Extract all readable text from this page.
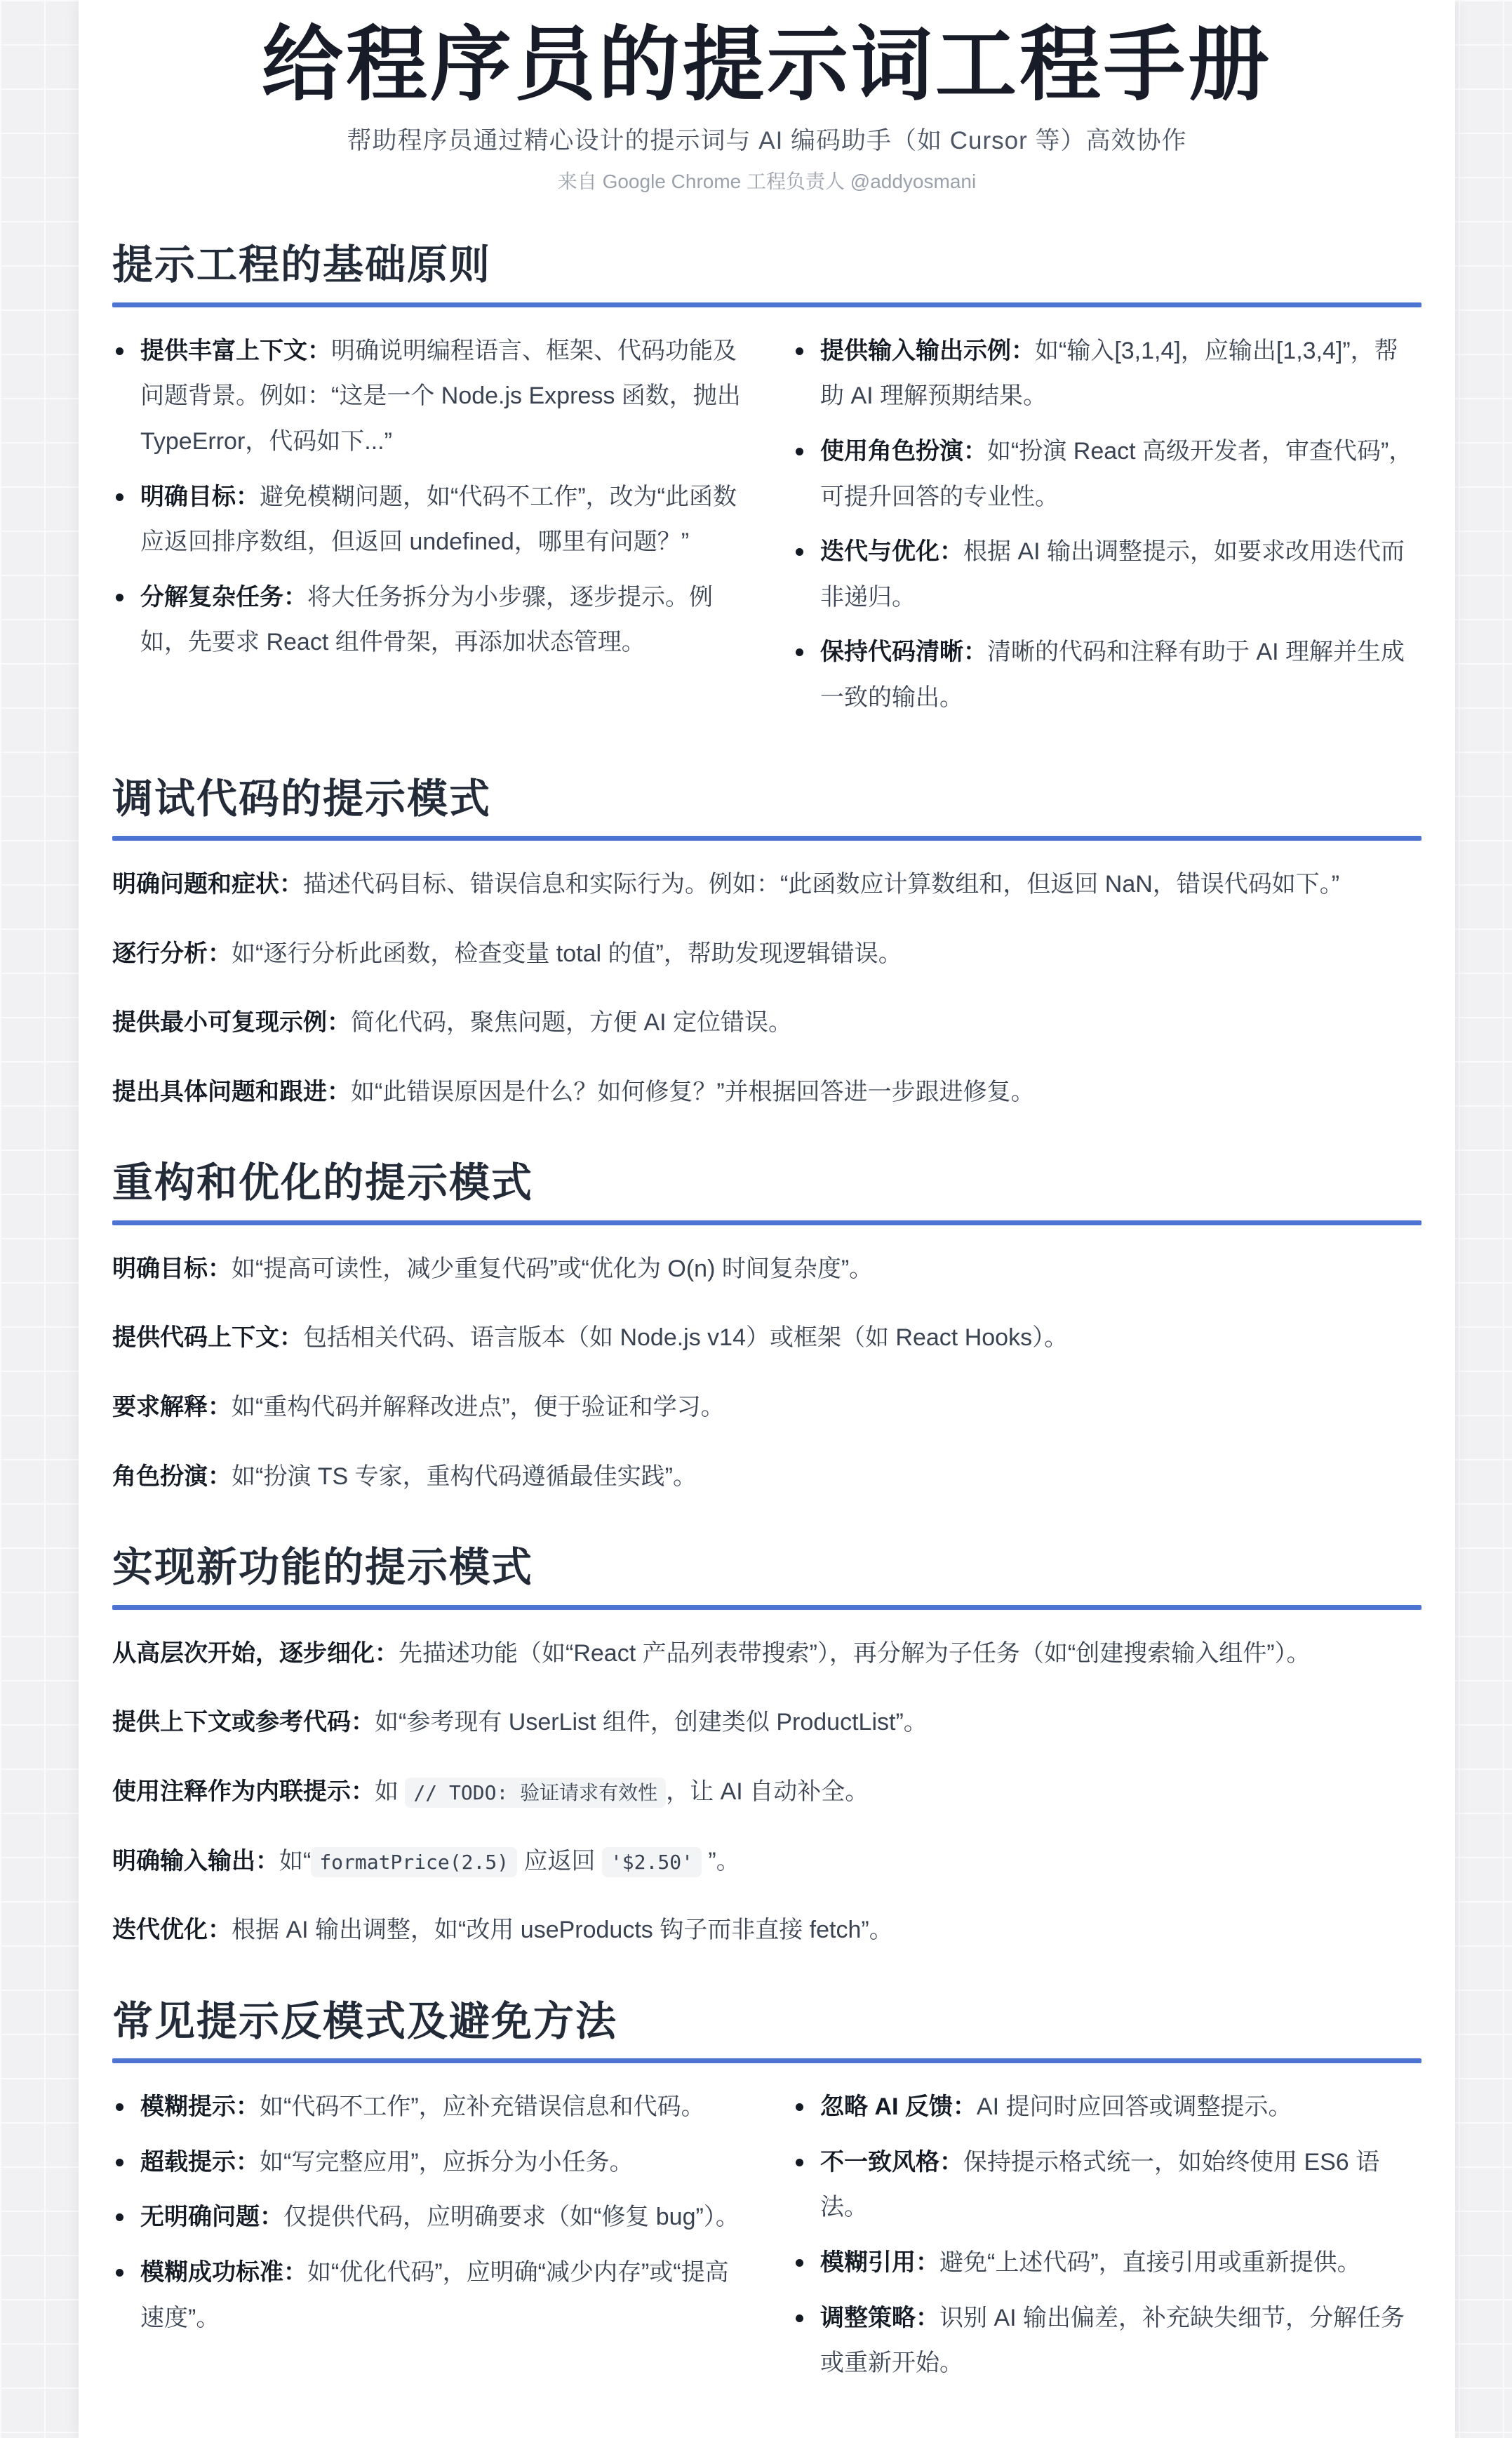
给程序员的提示词工程手册

帮助程序员通过精心设计的提示词与 AI 编码助手（如 Cursor 等）高效协作

来自 Google Chrome 工程负责人 @addyosmani

提示工程的基础原则
提供丰富上下文：明确说明编程语言、框架、代码功能及问题背景。例如：“这是一个 Node.js Express 函数，抛出 TypeError，代码如下...”
明确目标：避免模糊问题，如“代码不工作”，改为“此函数应返回排序数组，但返回 undefined，哪里有问题？”
分解复杂任务：将大任务拆分为小步骤，逐步提示。例如，先要求 React 组件骨架，再添加状态管理。
提供输入输出示例：如“输入[3,1,4]，应输出[1,3,4]”，帮助 AI 理解预期结果。
使用角色扮演：如“扮演 React 高级开发者，审查代码”，可提升回答的专业性。
迭代与优化：根据 AI 输出调整提示，如要求改用迭代而非递归。
保持代码清晰：清晰的代码和注释有助于 AI 理解并生成一致的输出。
调试代码的提示模式

明确问题和症状：描述代码目标、错误信息和实际行为。例如：“此函数应计算数组和，但返回 NaN，错误代码如下。”

逐行分析：如“逐行分析此函数，检查变量 total 的值”，帮助发现逻辑错误。

提供最小可复现示例：简化代码，聚焦问题，方便 AI 定位错误。

提出具体问题和跟进：如“此错误原因是什么？如何修复？”并根据回答进一步跟进修复。

重构和优化的提示模式

明确目标：如“提高可读性，减少重复代码”或“优化为 O(n) 时间复杂度”。

提供代码上下文：包括相关代码、语言版本（如 Node.js v14）或框架（如 React Hooks）。

要求解释：如“重构代码并解释改进点”，便于验证和学习。

角色扮演：如“扮演 TS 专家，重构代码遵循最佳实践”。

实现新功能的提示模式

从高层次开始，逐步细化：先描述功能（如“React 产品列表带搜索”），再分解为子任务（如“创建搜索输入组件”）。

提供上下文或参考代码：如“参考现有 UserList 组件，创建类似 ProductList”。

使用注释作为内联提示：如 // TODO: 验证请求有效性 ，让 AI 自动补全。

明确输入输出：如“ formatPrice(2.5) 应返回 '$2.50' ”。

迭代优化：根据 AI 输出调整，如“改用 useProducts 钩子而非直接 fetch”。

常见提示反模式及避免方法
模糊提示：如“代码不工作”，应补充错误信息和代码。
超载提示：如“写完整应用”，应拆分为小任务。
无明确问题：仅提供代码，应明确要求（如“修复 bug”）。
模糊成功标准：如“优化代码”，应明确“减少内存”或“提高速度”。
忽略 AI 反馈：AI 提问时应回答或调整提示。
不一致风格：保持提示格式统一，如始终使用 ES6 语法。
模糊引用：避免“上述代码”，直接引用或重新提供。
调整策略：识别 AI 输出偏差，补充缺失细节，分解任务或重新开始。
